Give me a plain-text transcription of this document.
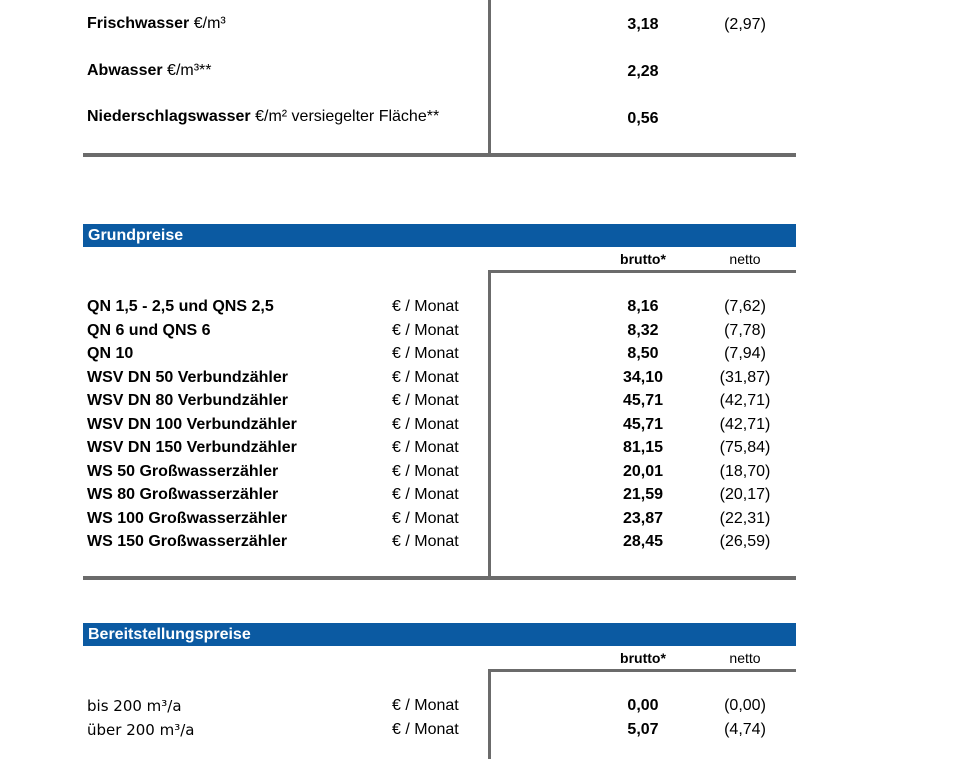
Frischwasser €/m³	3,18	(2,97)
Abwasser €/m³**	2,28
Niederschlagswasser €/m² versiegelter Fläche**	0,56
Grundpreise
brutto*	netto
QN 1,5 - 2,5 und QNS 2,5	€ / Monat	8,16	(7,62)
QN 6 und QNS 6	€ / Monat	8,32	(7,78)
QN 10	€ / Monat	8,50	(7,94)
WSV DN 50 Verbundzähler	€ / Monat	34,10	(31,87)
WSV DN 80 Verbundzähler	€ / Monat	45,71	(42,71)
WSV DN 100 Verbundzähler	€ / Monat	45,71	(42,71)
WSV DN 150 Verbundzähler	€ / Monat	81,15	(75,84)
WS 50 Großwasserzähler	€ / Monat	20,01	(18,70)
WS 80 Großwasserzähler	€ / Monat	21,59	(20,17)
WS 100 Großwasserzähler	€ / Monat	23,87	(22,31)
WS 150 Großwasserzähler	€ / Monat	28,45	(26,59)
Bereitstellungspreise
brutto*	netto
bis 200 m³/a	€ / Monat	0,00	(0,00)
über 200 m³/a	€ / Monat	5,07	(4,74)
